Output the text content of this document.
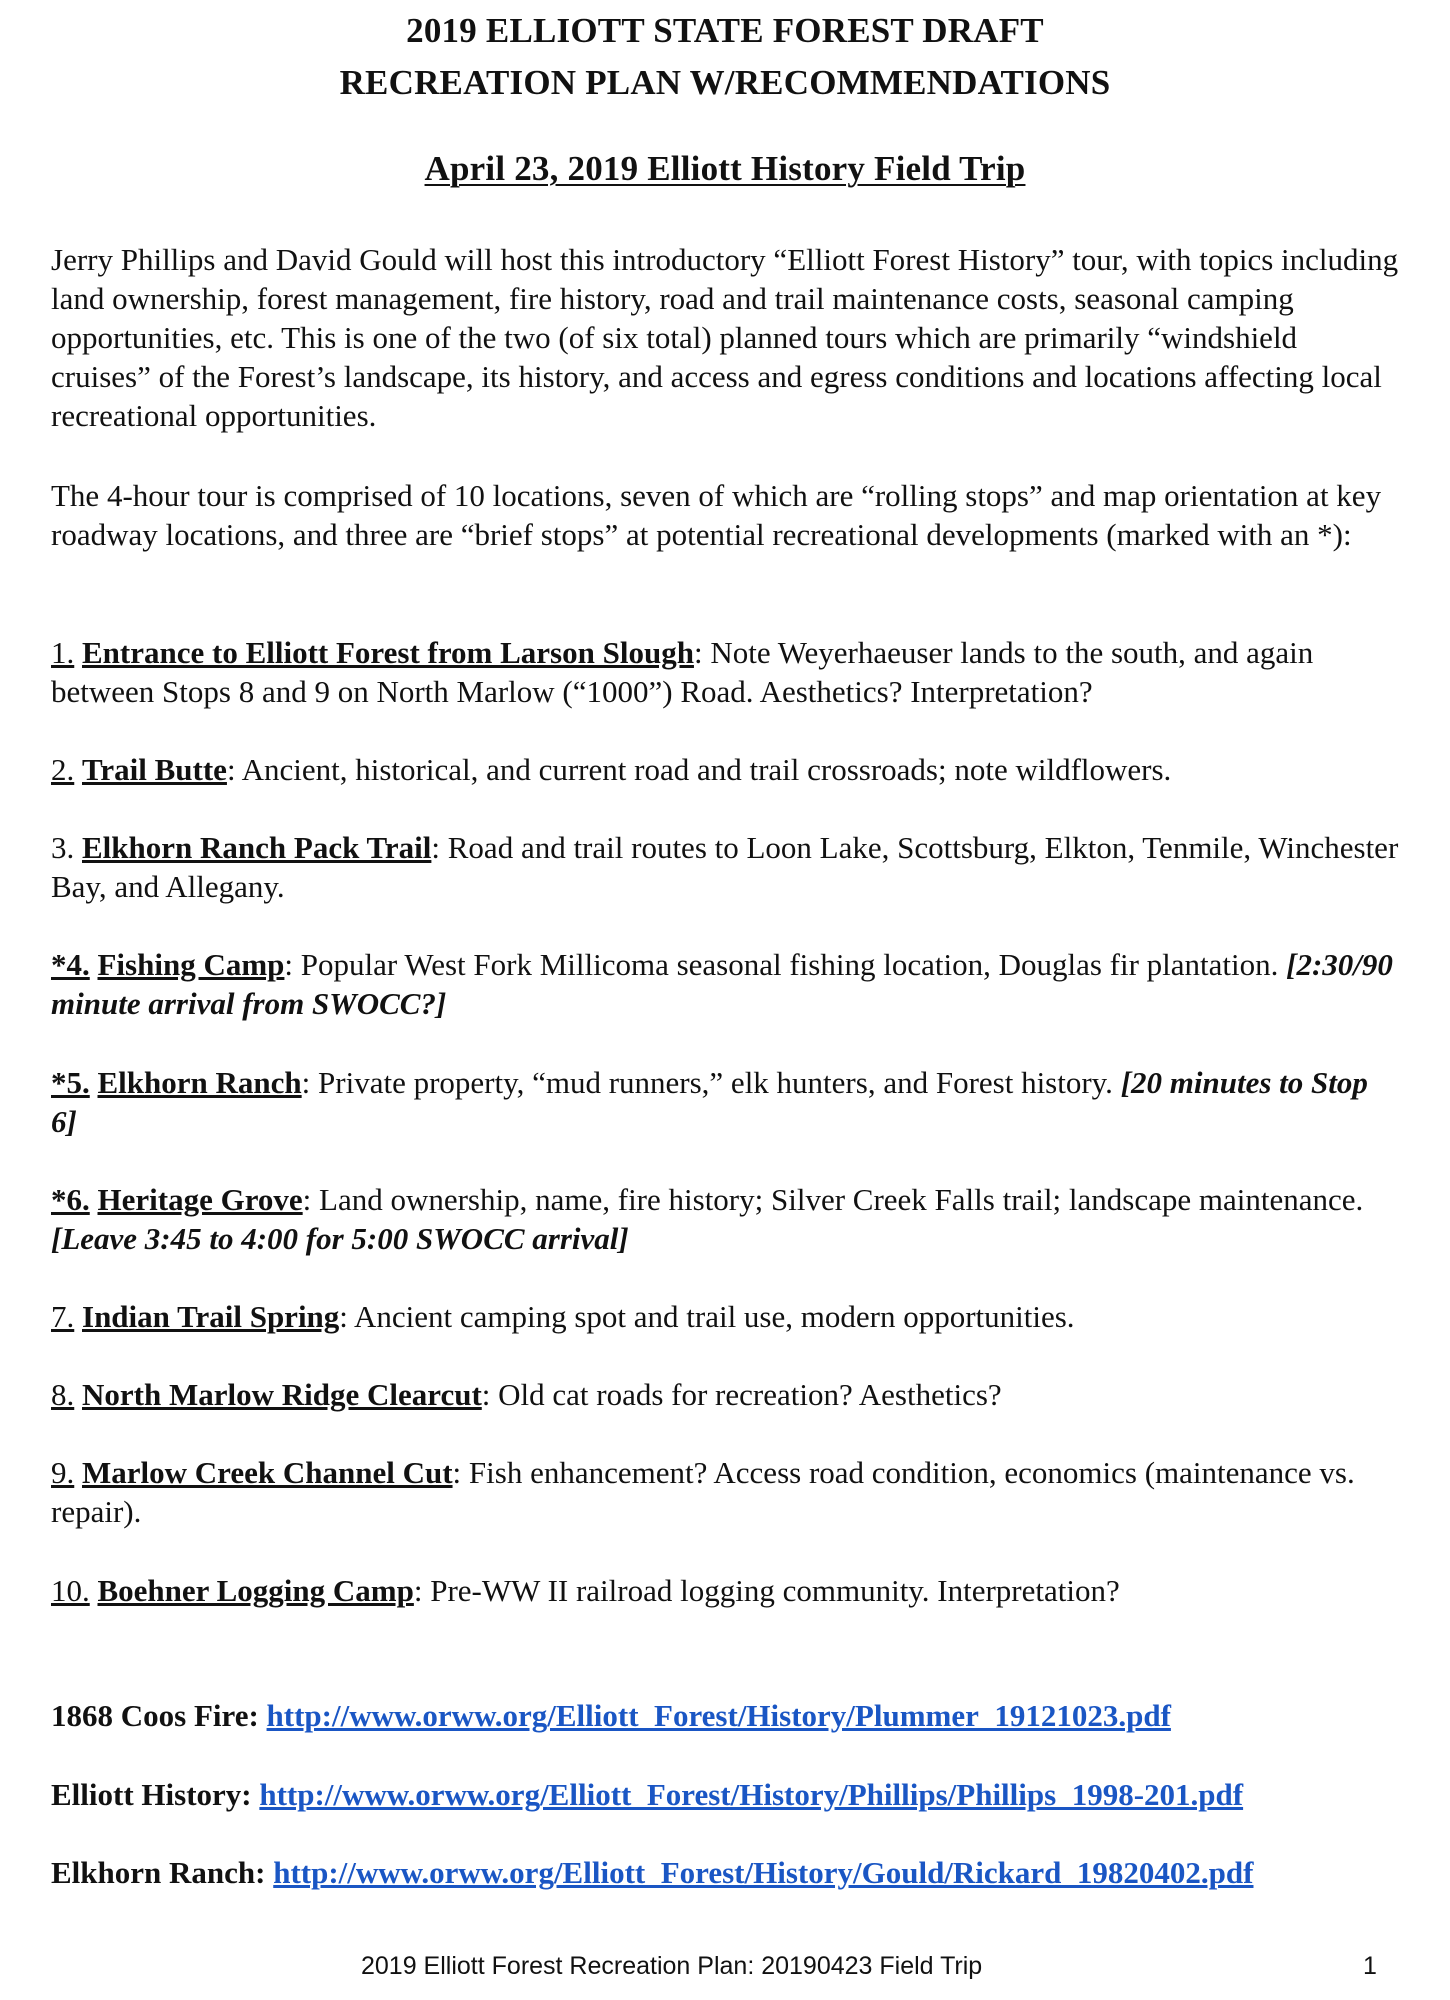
2019 ELLIOTT STATE FOREST DRAFT
RECREATION PLAN W/RECOMMENDATIONS
April 23, 2019 Elliott History Field Trip

Jerry Phillips and David Gould will host this introductory “Elliott Forest History” tour, with topics including land ownership, forest management, fire history, road and trail maintenance costs, seasonal camping opportunities, etc. This is one of the two (of six total) planned tours which are primarily “windshield cruises” of the Forest’s landscape, its history, and access and egress conditions and locations affecting local recreational opportunities.

The 4-hour tour is comprised of 10 locations, seven of which are “rolling stops” and map orientation at key roadway locations, and three are “brief stops” at potential recreational developments (marked with an *):

1. Entrance to Elliott Forest from Larson Slough: Note Weyerhaeuser lands to the south, and again between Stops 8 and 9 on North Marlow (“1000”) Road. Aesthetics? Interpretation?

2. Trail Butte: Ancient, historical, and current road and trail crossroads; note wildflowers.

3. Elkhorn Ranch Pack Trail: Road and trail routes to Loon Lake, Scottsburg, Elkton, Tenmile, Winchester Bay, and Allegany.

*4. Fishing Camp: Popular West Fork Millicoma seasonal fishing location, Douglas fir plantation. [2:30/90 minute arrival from SWOCC?]

*5. Elkhorn Ranch: Private property, “mud runners,” elk hunters, and Forest history. [20 minutes to Stop 6]

*6. Heritage Grove: Land ownership, name, fire history; Silver Creek Falls trail; landscape maintenance. [Leave 3:45 to 4:00 for 5:00 SWOCC arrival]

7. Indian Trail Spring: Ancient camping spot and trail use, modern opportunities.

8. North Marlow Ridge Clearcut: Old cat roads for recreation? Aesthetics?

9. Marlow Creek Channel Cut: Fish enhancement? Access road condition, economics (maintenance vs. repair).

10. Boehner Logging Camp: Pre-WW II railroad logging community. Interpretation?

1868 Coos Fire: http://www.orww.org/Elliott_Forest/History/Plummer_19121023.pdf

Elliott History: http://www.orww.org/Elliott_Forest/History/Phillips/Phillips_1998-201.pdf

Elkhorn Ranch: http://www.orww.org/Elliott_Forest/History/Gould/Rickard_19820402.pdf

2019 Elliott Forest Recreation Plan: 20190423 Field Trip	1
